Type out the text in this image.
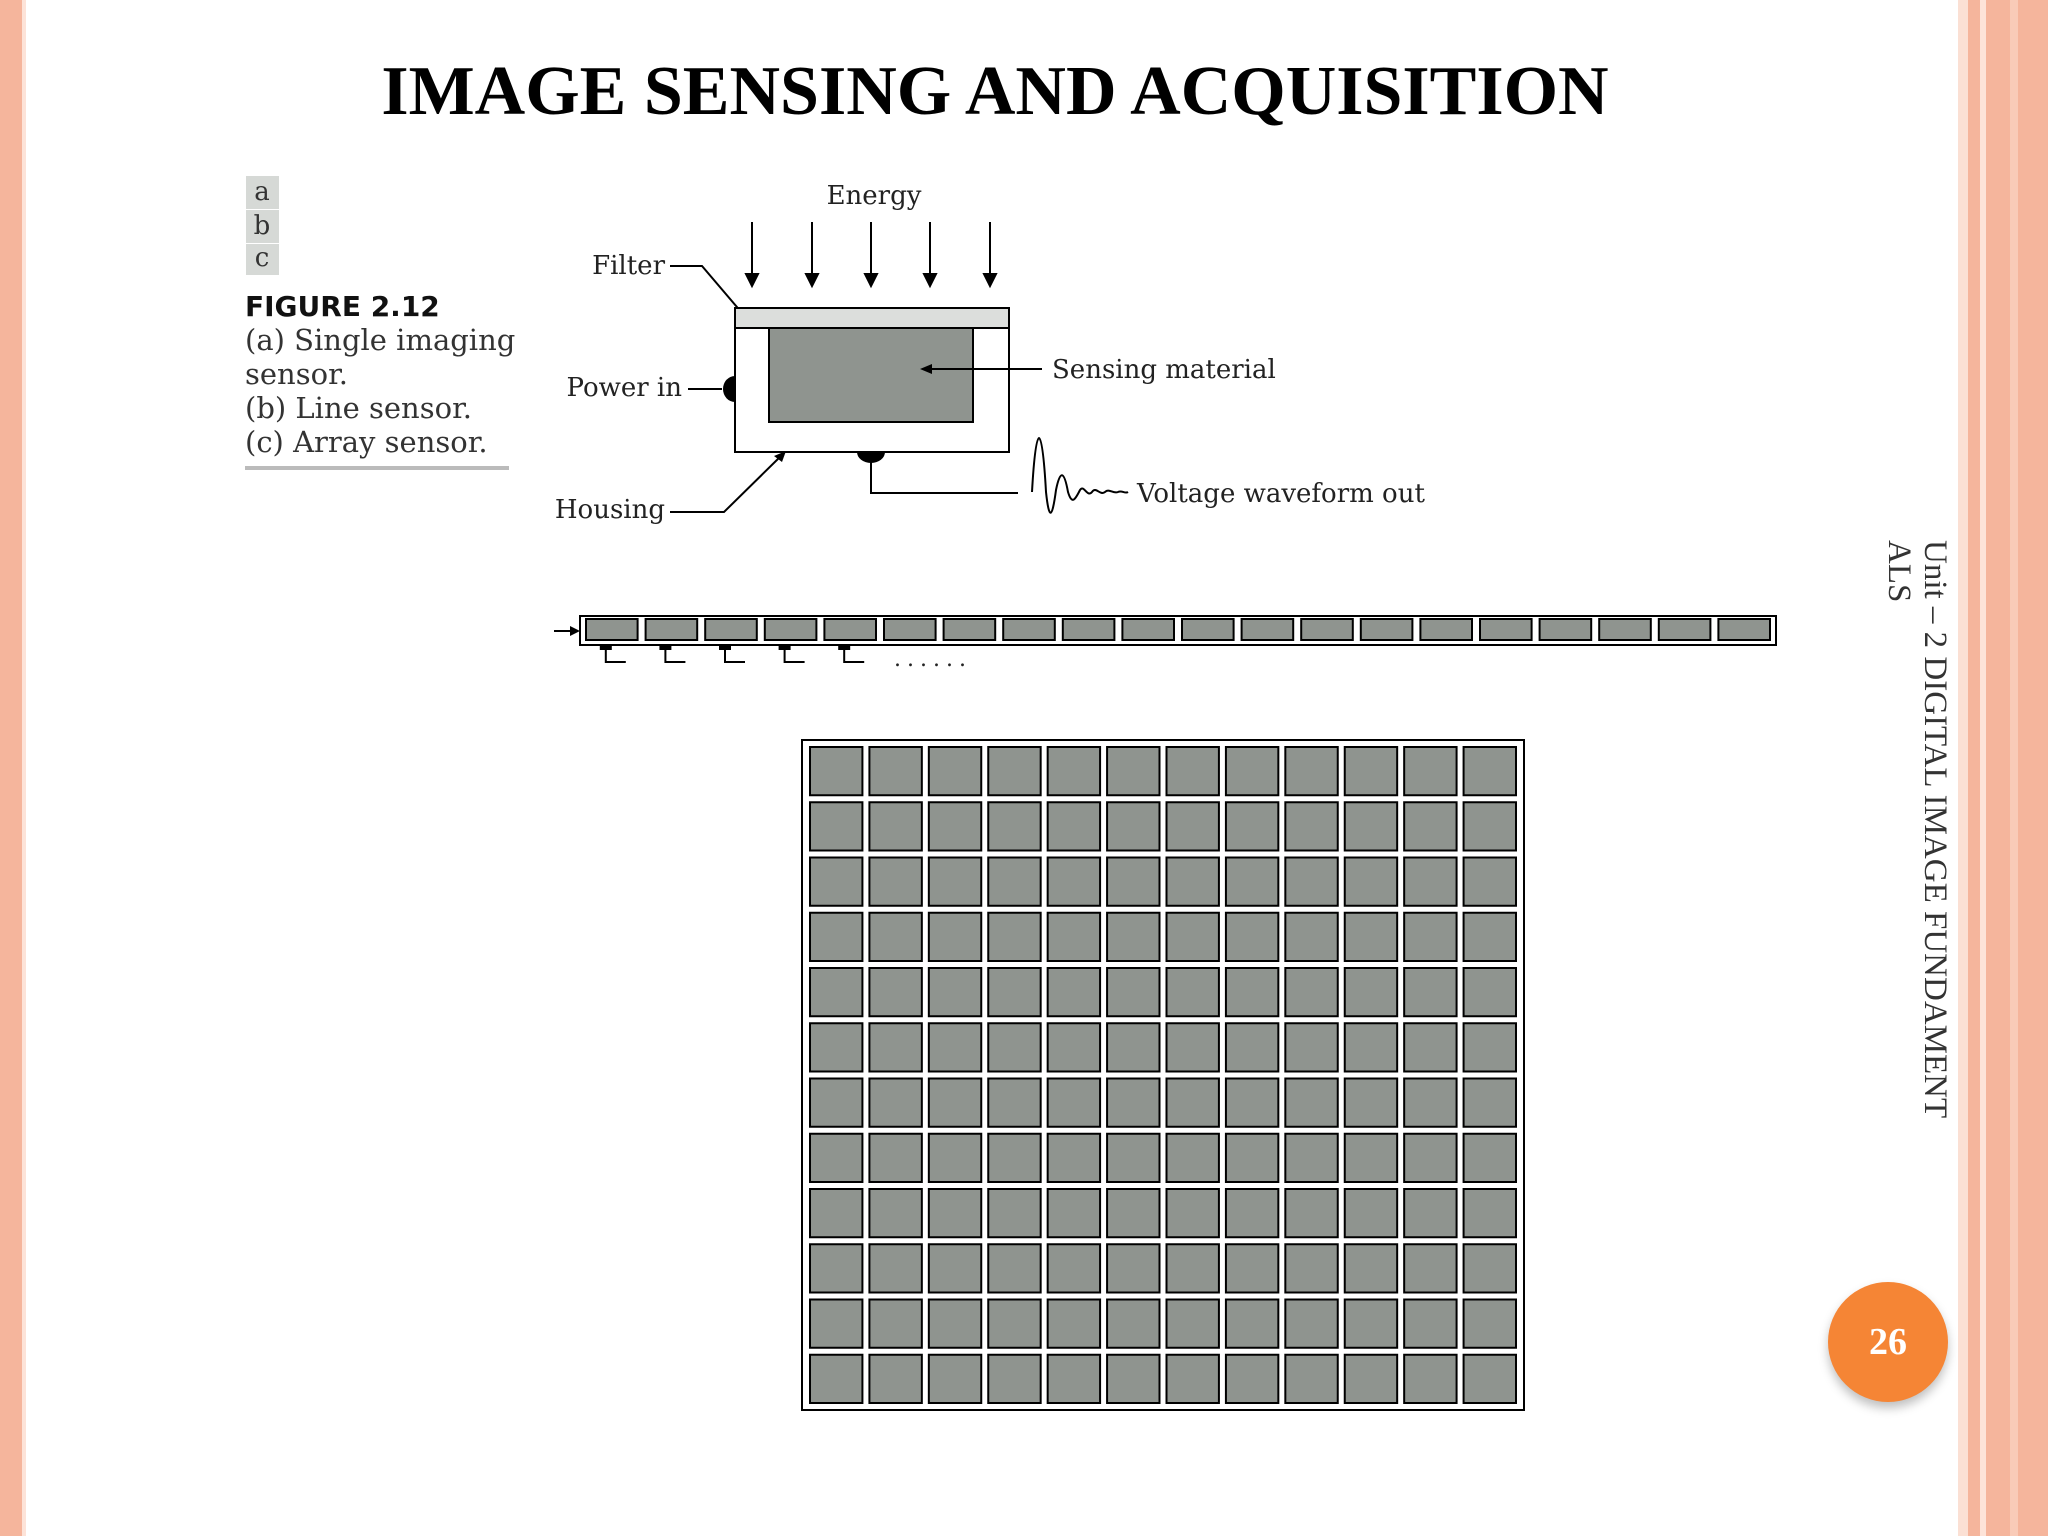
IMAGE SENSING AND ACQUISITION
a
b
c
FIGURE 2.12
(a) Single imaging
sensor.
(b) Line sensor.
(c) Array sensor.
Energy
Filter
Sensing material
Power in
Housing
Voltage waveform out
......
Unit – 2 DIGITAL IMAGE FUNDAMENT
ALS
26
